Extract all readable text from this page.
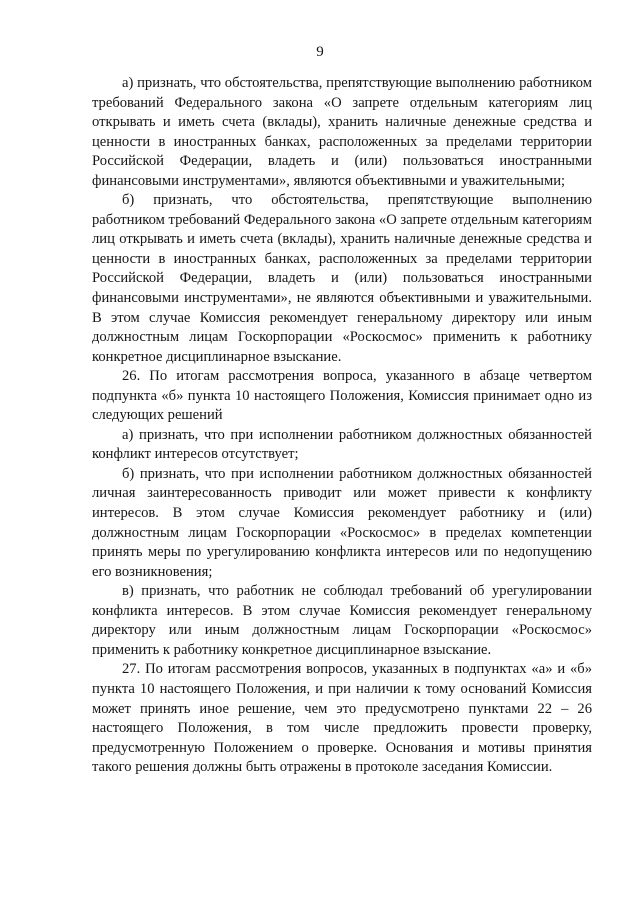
9

а) признать, что обстоятельства, препятствующие выполнению работником требований Федерального закона «О запрете отдельным категориям лиц открывать и иметь счета (вклады), хранить наличные денежные средства и ценности в иностранных банках, расположенных за пределами территории Российской Федерации, владеть и (или) пользоваться иностранными финансовыми инструментами», являются объективными и уважительными;

б) признать, что обстоятельства, препятствующие выполнению работником требований Федерального закона «О запрете отдельным категориям лиц открывать и иметь счета (вклады), хранить наличные денежные средства и ценности в иностранных банках, расположенных за пределами территории Российской Федерации, владеть и (или) пользоваться иностранными финансовыми инструментами», не являются объективными и уважительными. В этом случае Комиссия рекомендует генеральному директору или иным должностным лицам Госкорпорации «Роскосмос» применить к работнику конкретное дисциплинарное взыскание.

26. По итогам рассмотрения вопроса, указанного в абзаце четвертом подпункта «б» пункта 10 настоящего Положения, Комиссия принимает одно из следующих решений

а) признать, что при исполнении работником должностных обязанностей конфликт интересов отсутствует;

б) признать, что при исполнении работником должностных обязанностей личная заинтересованность приводит или может привести к конфликту интересов. В этом случае Комиссия рекомендует работнику и (или) должностным лицам Госкорпорации «Роскосмос» в пределах компетенции принять меры по урегулированию конфликта интересов или по недопущению его возникновения;

в) признать, что работник не соблюдал требований об урегулировании конфликта интересов. В этом случае Комиссия рекомендует генеральному директору или иным должностным лицам Госкорпорации «Роскосмос» применить к работнику конкретное дисциплинарное взыскание.

27. По итогам рассмотрения вопросов, указанных в подпунктах «а» и «б» пункта 10 настоящего Положения, и при наличии к тому оснований Комиссия может принять иное решение, чем это предусмотрено пунктами 22 – 26 настоящего Положения, в том числе предложить провести проверку, предусмотренную Положением о проверке. Основания и мотивы принятия такого решения должны быть отражены в протоколе заседания Комиссии.
